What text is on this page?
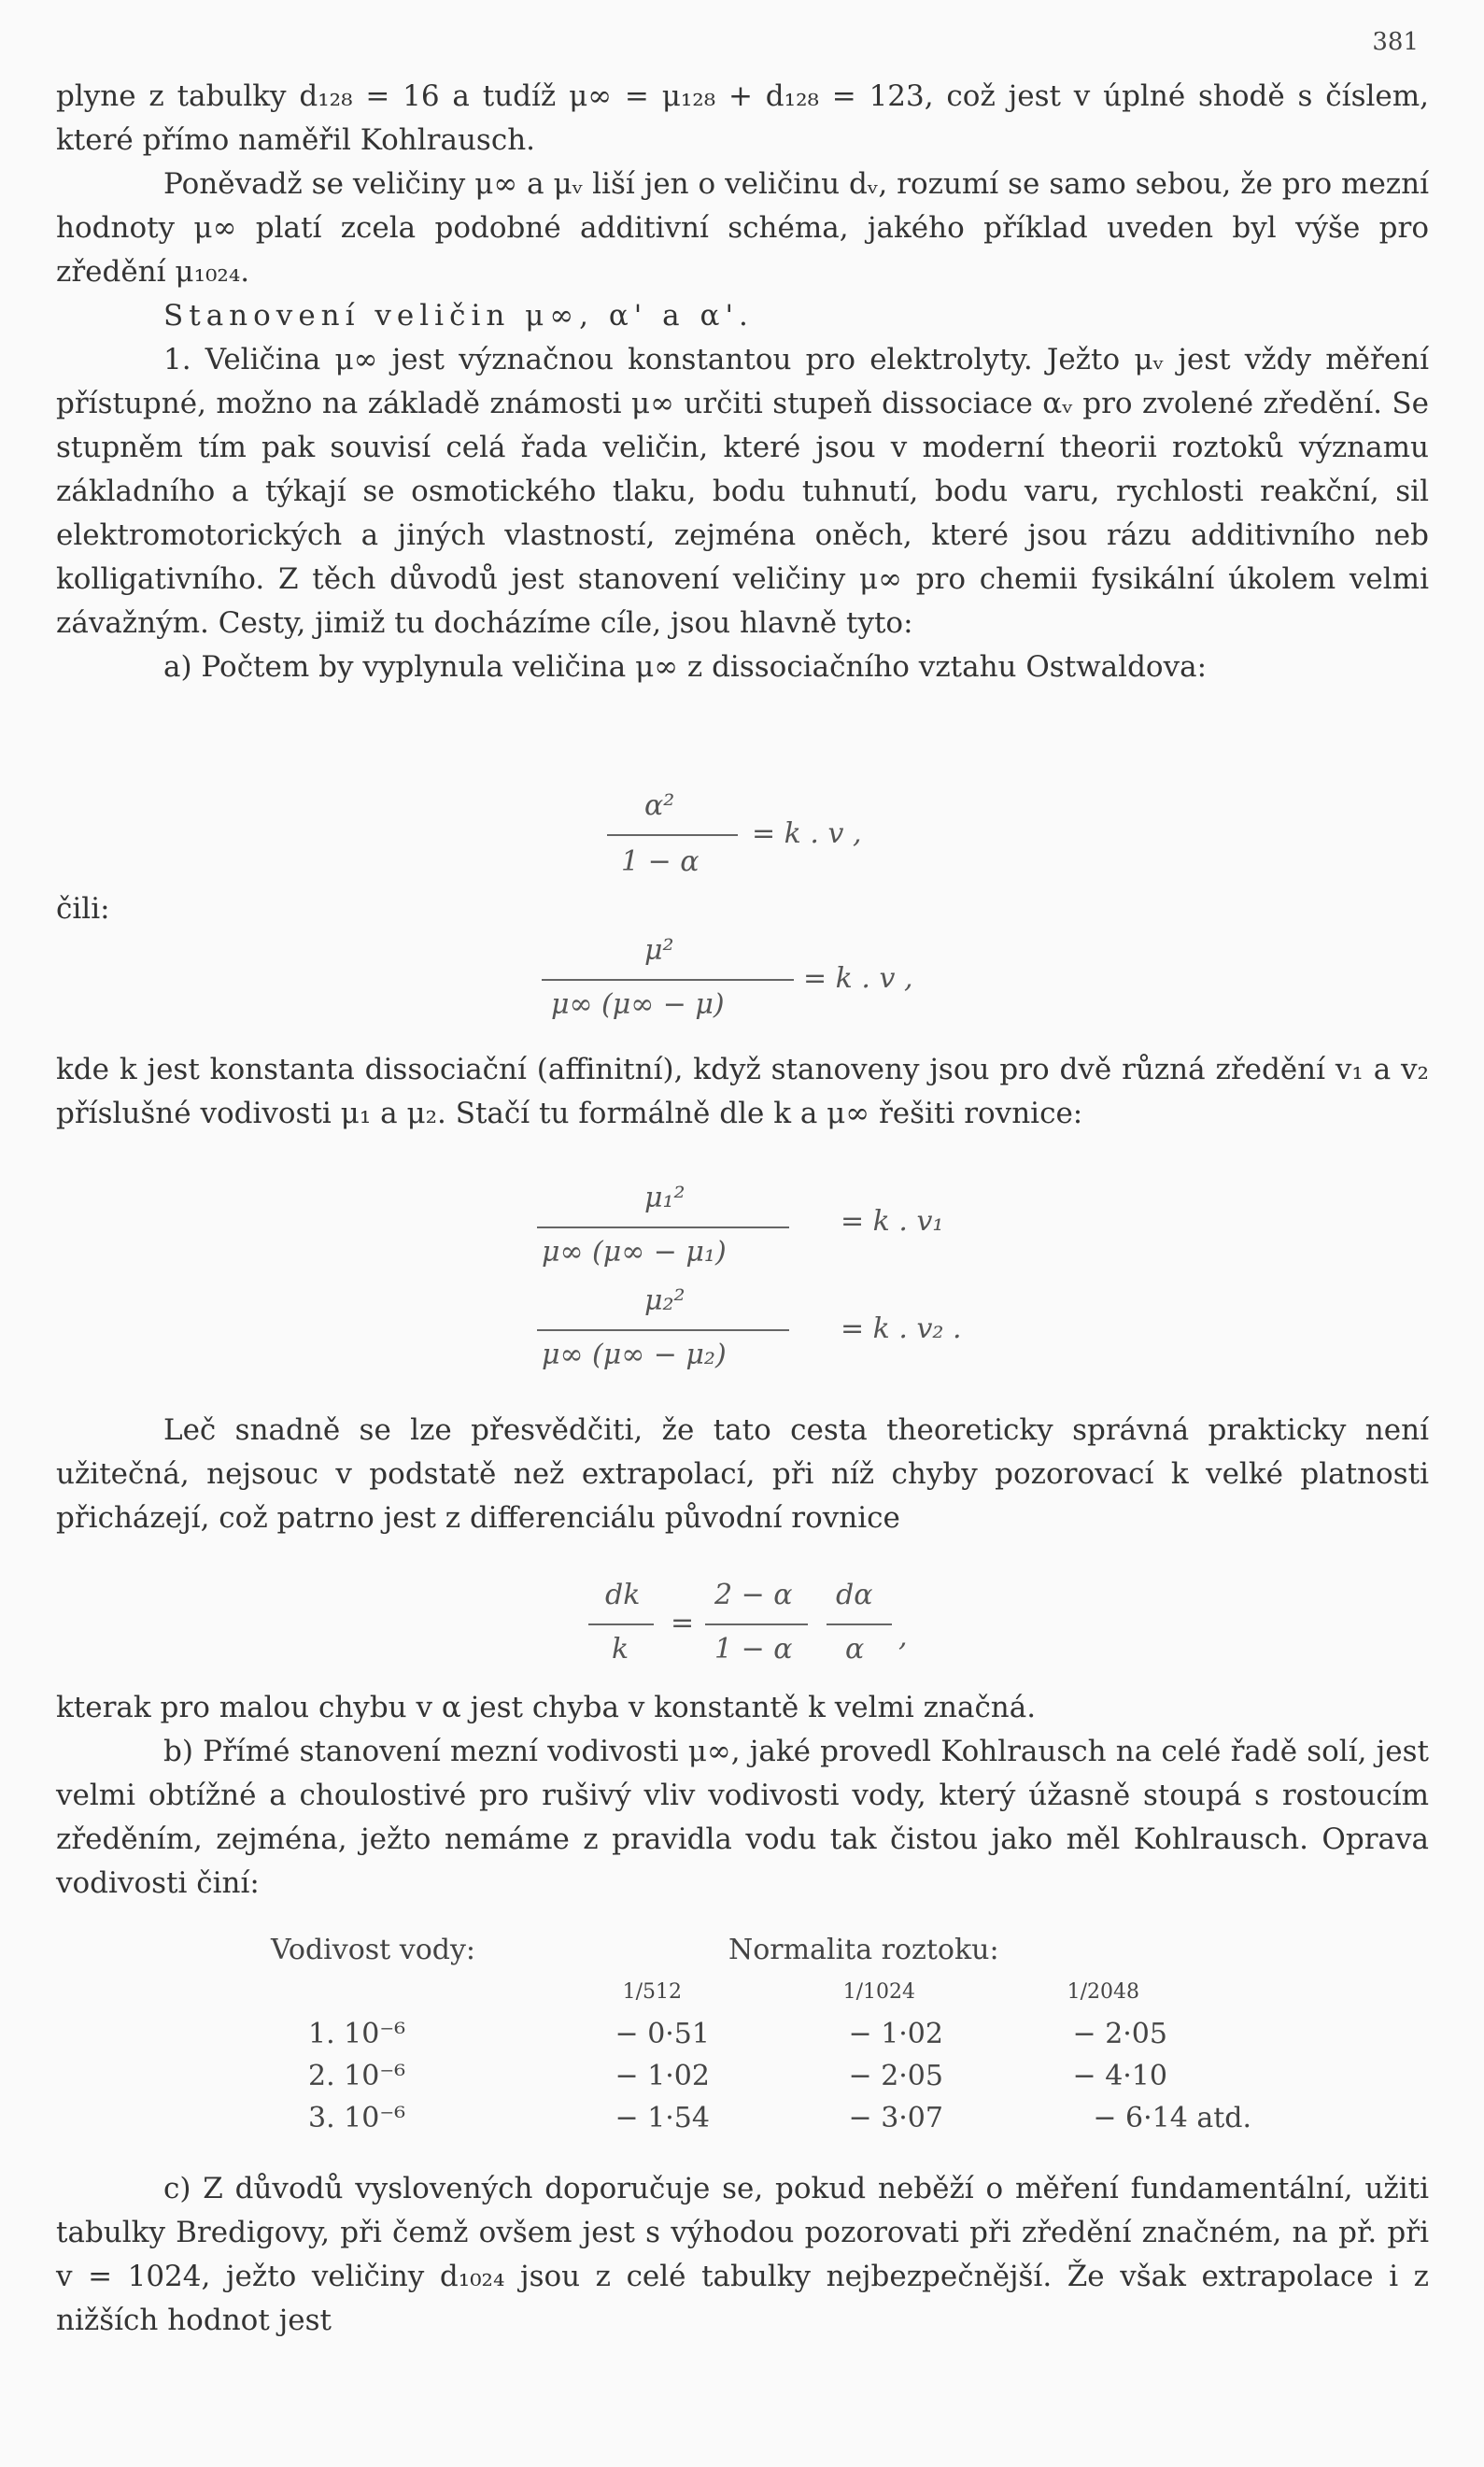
381

plyne z tabulky d₁₂₈ = 16 a tudíž μ∞ = μ₁₂₈ + d₁₂₈ = 123, což jest v úplné shodě s číslem, které přímo naměřil Kohlrausch.

Poněvadž se veličiny μ∞ a μᵥ liší jen o veličinu dᵥ, rozumí se samo sebou, že pro mezní hodnoty μ∞ platí zcela podobné additivní schéma, jakého příklad uveden byl výše pro zředění μ₁₀₂₄.

Stanovení veličin μ∞, α' a α'.

1. Veličina μ∞ jest význačnou konstantou pro elektrolyty. Ježto μᵥ jest vždy měření přístupné, možno na základě známosti μ∞ určiti stupeň dissociace αᵥ pro zvolené zředění. Se stupněm tím pak souvisí celá řada veličin, které jsou v moderní theorii roztoků významu základního a týkají se osmotického tlaku, bodu tuhnutí, bodu varu, rychlosti reakční, sil elektromotorických a jiných vlastností, zejména oněch, které jsou rázu additivního neb kolligativního. Z těch důvodů jest stanovení veličiny μ∞ pro chemii fysikální úkolem velmi závažným. Cesty, jimiž tu docházíme cíle, jsou hlavně tyto:

a) Počtem by vyplynula veličina μ∞ z dissociačního vztahu Ostwaldova:

α²
1 − α
= k . v ,

čili:

μ²
μ∞ (μ∞ − μ)
= k . v ,

kde k jest konstanta dissociační (affinitní), když stanoveny jsou pro dvě různá zředění v₁ a v₂ příslušné vodivosti μ₁ a μ₂. Stačí tu formálně dle k a μ∞ řešiti rovnice:

μ₁²
μ∞ (μ∞ − μ₁)
= k . v₁
μ₂²
μ∞ (μ∞ − μ₂)
= k . v₂ .

Leč snadně se lze přesvědčiti, že tato cesta theoreticky správná prakticky není užitečná, nejsouc v podstatě než extrapolací, při níž chyby pozorovací k velké platnosti přicházejí, což patrno jest z differenciálu původní rovnice

dk
k
=
2 − α
1 − α
dα
α ,

kterak pro malou chybu v α jest chyba v konstantě k velmi značná.

b) Přímé stanovení mezní vodivosti μ∞, jaké provedl Kohlrausch na celé řadě solí, jest velmi obtížné a choulostivé pro rušivý vliv vodivosti vody, který úžasně stoupá s rostoucím zředěním, zejména, ježto nemáme z pravidla vodu tak čistou jako měl Kohlrausch. Oprava vodivosti činí:

Vodivost vody:	Normalita roztoku:
1/512	1/1024	1/2048
1. 10⁻⁶	− 0·51	− 1·02	− 2·05
2. 10⁻⁶	− 1·02	− 2·05	− 4·10
3. 10⁻⁶	− 1·54	− 3·07	− 6·14 atd.

c) Z důvodů vyslovených doporučuje se, pokud neběží o měření fundamentální, užiti tabulky Bredigovy, při čemž ovšem jest s výhodou pozorovati při zředění značném, na př. při v = 1024, ježto veličiny d₁₀₂₄ jsou z celé tabulky nejbezpečnější. Že však extrapolace i z nižších hodnot jest
